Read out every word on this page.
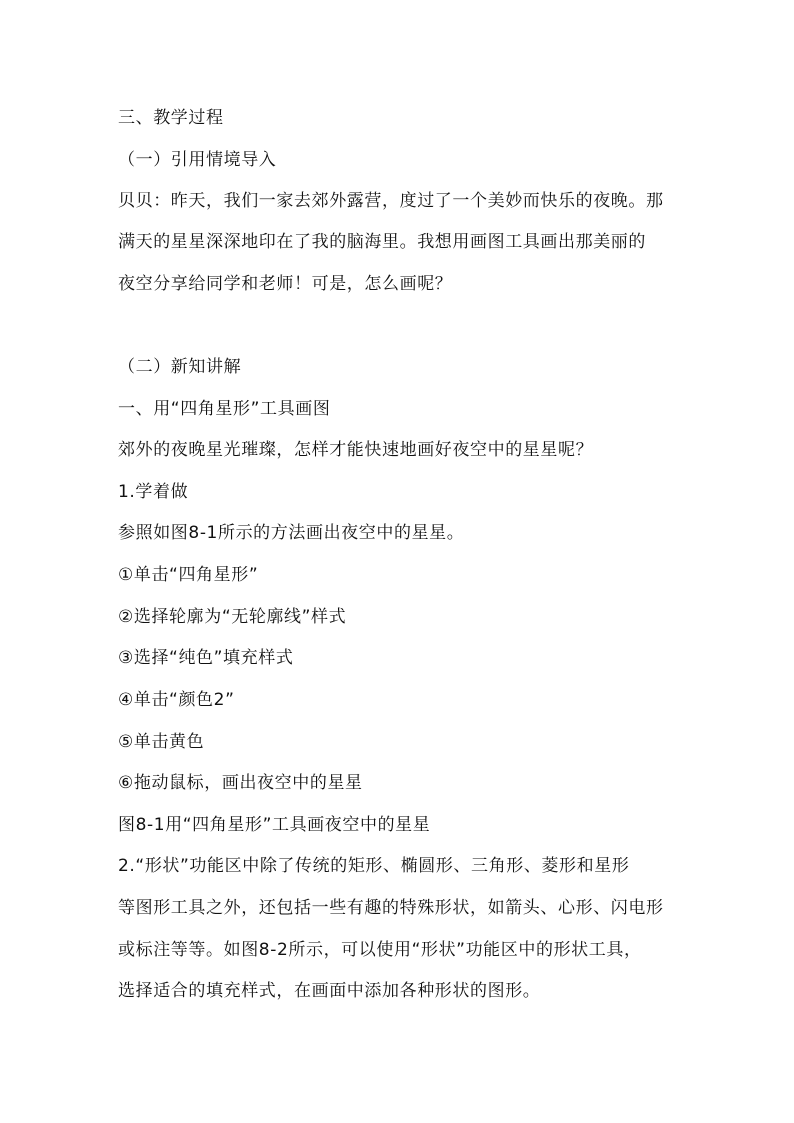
三、教学过程
（一）引用情境导入
贝贝：昨天，我们一家去郊外露营，度过了一个美妙而快乐的夜晚。那
满天的星星深深地印在了我的脑海里。我想用画图工具画出那美丽的
夜空分享给同学和老师！可是，怎么画呢？
（二）新知讲解
一、用“四角星形”工具画图
郊外的夜晚星光璀璨，怎样才能快速地画好夜空中的星星呢？
1.学着做
参照如图8-1所示的方法画出夜空中的星星。
①单击“四角星形”
②选择轮廓为“无轮廓线”样式
③选择“纯色”填充样式
④单击“颜色2”
⑤单击黄色
⑥拖动鼠标，画出夜空中的星星
图8-1用“四角星形”工具画夜空中的星星
2.“形状”功能区中除了传统的矩形、椭圆形、三角形、菱形和星形
等图形工具之外，还包括一些有趣的特殊形状，如箭头、心形、闪电形
或标注等等。如图8-2所示，可以使用“形状”功能区中的形状工具，
选择适合的填充样式，在画面中添加各种形状的图形。
